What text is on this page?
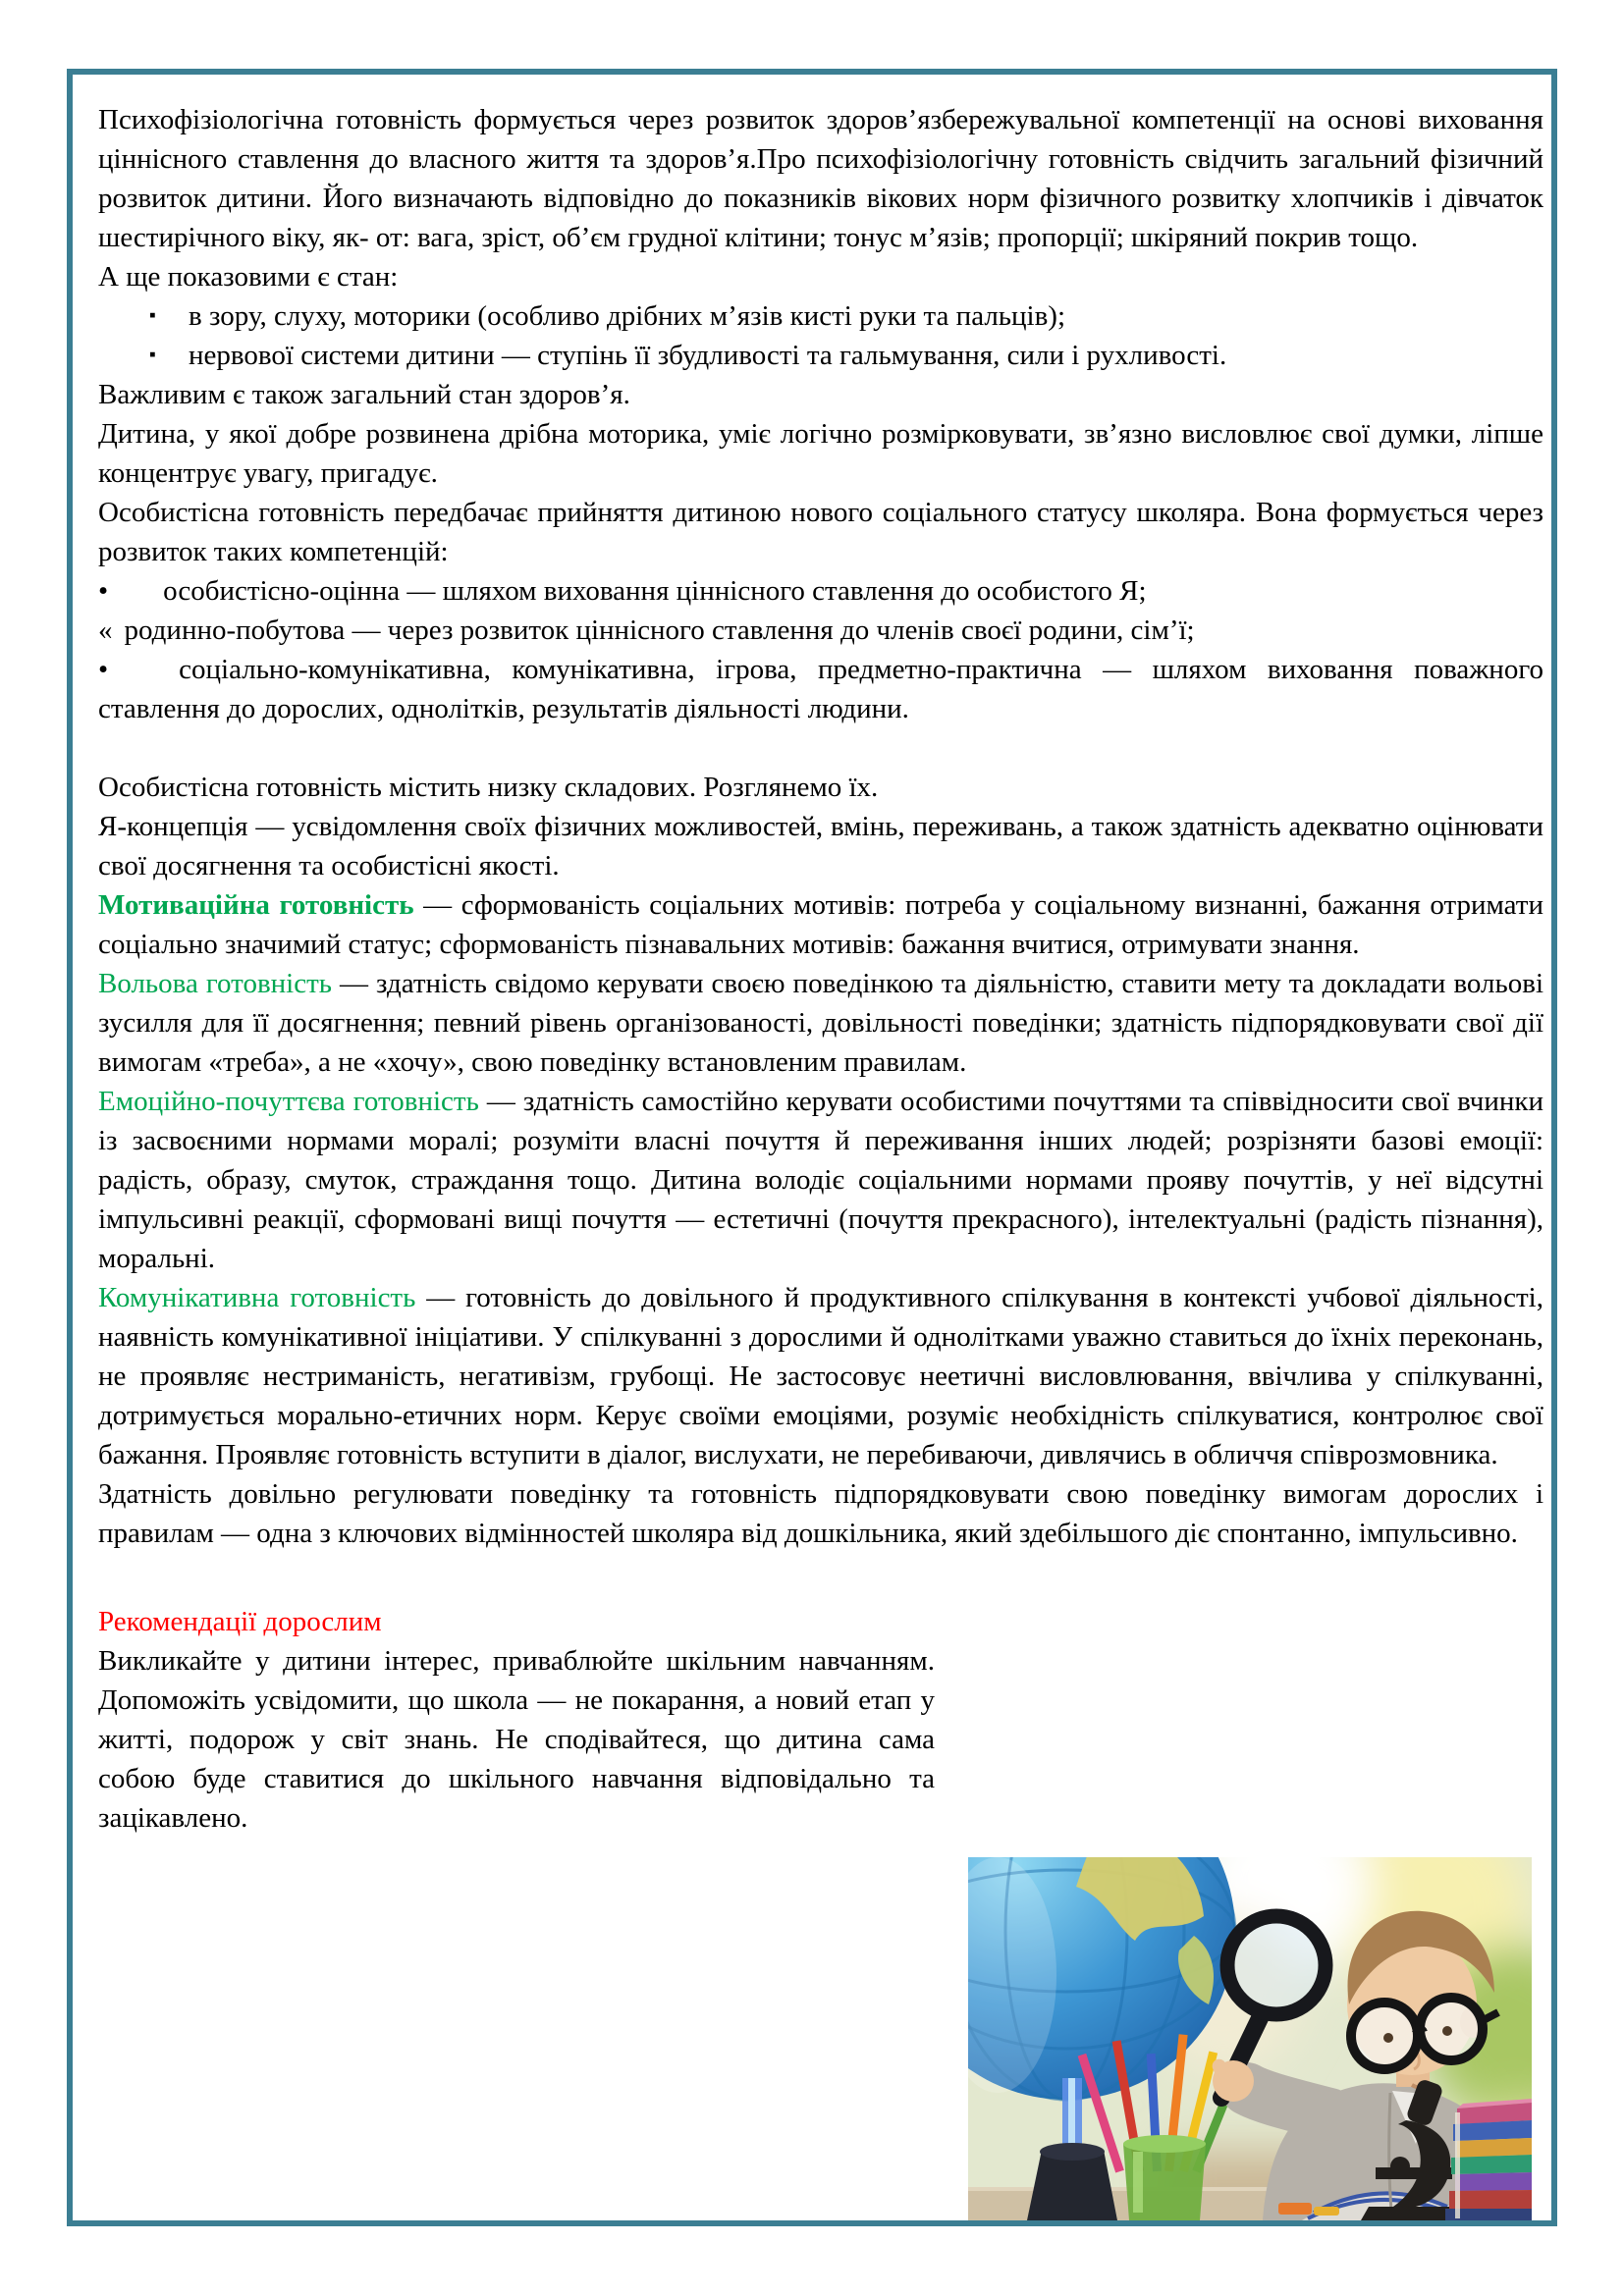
Психофізіологічна готовність формується через розвиток здоров’язбережувальної компетенції на основі виховання ціннісного ставлення до власного життя та здоров’я.Про психофізіологічну готовність свідчить загальний фізичний розвиток дитини. Його визначають відповідно до показників вікових норм фізичного розвитку хлопчиків і дівчаток шестирічного віку, як- от: вага, зріст, об’єм грудної клітини; тонус м’язів; пропорції; шкіряний покрив тощо.

А ще показовими є стан:

▪ в зору, слуху, моторики (особливо дрібних м’язів кисті руки та пальців);
▪ нервової системи дитини — ступінь її збудливості та гальмування, сили і рухливості.

Важливим є також загальний стан здоров’я.

Дитина, у якої добре розвинена дрібна моторика, уміє логічно розмірковувати, зв’язно висловлює свої думки, ліпше концентрує увагу, пригадує.

Особистісна готовність передбачає прийняття дитиною нового соціального статусу школяра. Вона формується через розвиток таких компетенцій:

• особистісно-оцінна — шляхом виховання ціннісного ставлення до особистого Я;

« родинно-побутова — через розвиток ціннісного ставлення до членів своєї родини, сім’ї;

• соціально-комунікативна, комунікативна, ігрова, предметно-практична — шляхом виховання поважного ставлення до дорослих, однолітків, результатів діяльності людини.

Особистісна готовність містить низку складових. Розглянемо їх.

Я-концепція — усвідомлення своїх фізичних можливостей, вмінь, переживань, а також здатність адекватно оцінювати свої досягнення та особистісні якості.

Мотиваційна готовність — сформованість соціальних мотивів: потреба у соціальному визнанні, бажання отримати соціально значимий статус; сформованість пізнавальних мотивів: бажання вчитися, отримувати знання.

Вольова готовність — здатність свідомо керувати своєю поведінкою та діяльністю, ставити мету та докладати вольові зусилля для її досягнення; певний рівень організованості, довільності поведінки; здатність підпорядковувати свої дії вимогам «треба», а не «хочу», свою поведінку встановленим правилам.

Емоційно-почуттєва готовність — здатність самостійно керувати особистими почуттями та співвідносити свої вчинки із засвоєними нормами моралі; розуміти власні почуття й переживання інших людей; розрізняти базові емоції: радість, образу, смуток, страждання тощо. Дитина володіє соціальними нормами прояву почуттів, у неї відсутні імпульсивні реакції, сформовані вищі почуття — естетичні (почуття прекрасного), інтелектуальні (радість пізнання), моральні.

Комунікативна готовність — готовність до довільного й продуктивного спілкування в контексті учбової діяльності, наявність комунікативної ініціативи. У спілкуванні з дорослими й однолітками уважно ставиться до їхніх переконань, не проявляє нестриманість, негативізм, грубощі. Не застосовує неетичні висловлювання, ввічлива у спілкуванні, дотримується морально-етичних норм. Керує своїми емоціями, розуміє необхідність спілкуватися, контролює свої бажання. Проявляє готовність вступити в діалог, вислухати, не перебиваючи, дивлячись в обличчя співрозмовника.

Здатність довільно регулювати поведінку та готовність підпорядковувати свою поведінку вимогам дорослих і правилам — одна з ключових відмінностей школяра від дошкільника, який здебільшого діє спонтанно, імпульсивно.

Рекомендації дорослим

Викликайте у дитини інтерес, приваблюйте шкільним навчанням. Допоможіть усвідомити, що школа — не покарання, а новий етап у житті, подорож у світ знань. Не сподівайтеся, що дитина сама собою буде ставитися до шкільного навчання відповідально та зацікавлено.
